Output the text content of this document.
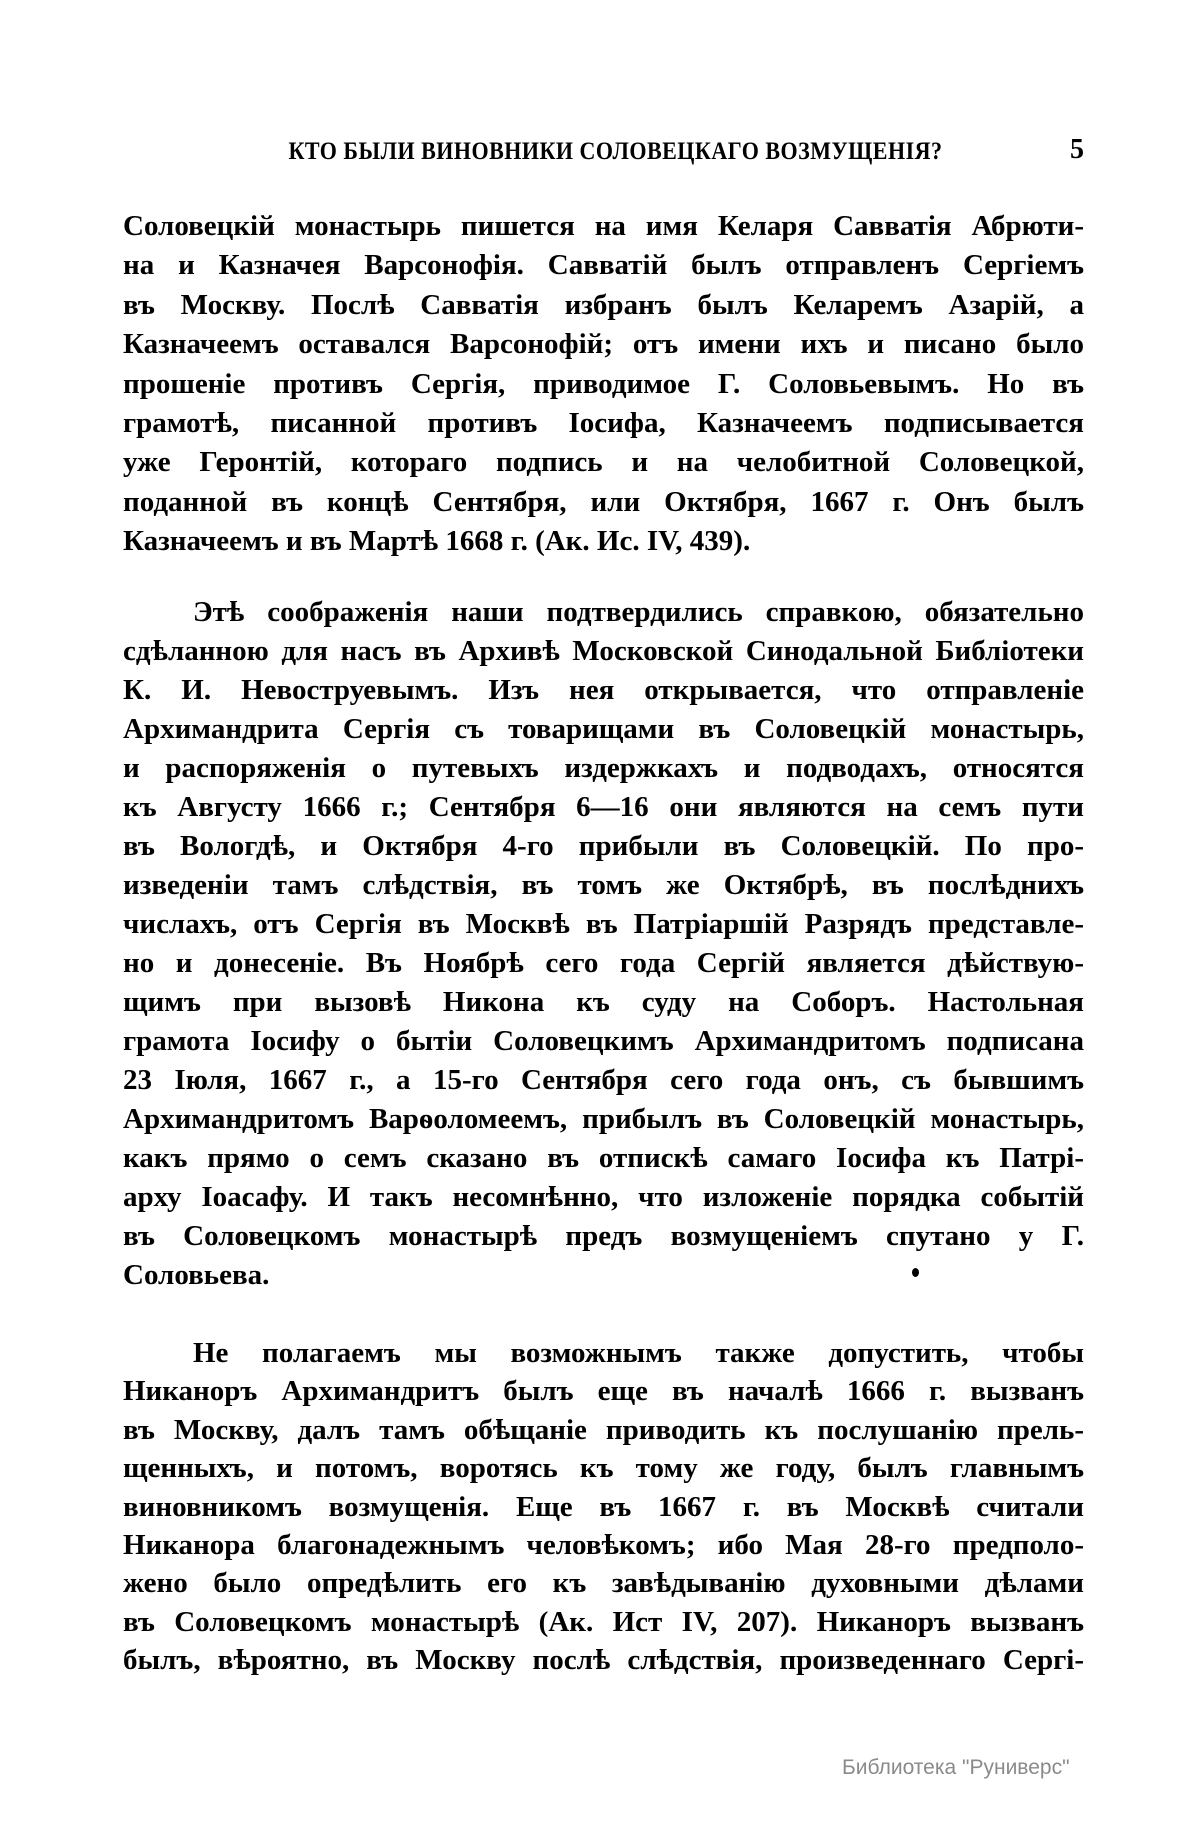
КТО БЫЛИ ВИНОВНИКИ СОЛОВЕЦКАГО ВОЗМУЩЕНІЯ?	5
Соловецкій монастырь пишется на имя Келаря Савватія Абрюти-
на и Казначея Варсонофія. Савватій былъ отправленъ Сергіемъ
въ Москву. Послѣ Савватія избранъ былъ Келаремъ Азарій, а
Казначеемъ оставался Варсонофій; отъ имени ихъ и писано было
прошеніе противъ Сергія, приводимое Г. Соловьевымъ. Но въ
грамотѣ, писанной противъ Іосифа, Казначеемъ подписывается
уже Геронтій, котораго подпись и на челобитной Соловецкой,
поданной въ концѣ Сентября, или Октября, 1667 г. Онъ былъ
Казначеемъ и въ Мартѣ 1668 г. (Ак. Ис. IV, 439).
Этѣ соображенія наши подтвердились справкою, обязательно
сдѣланною для насъ въ Архивѣ Московской Синодальной Библіотеки
К. И. Невоструевымъ. Изъ нея открывается, что отправленіе
Архимандрита Сергія съ товарищами въ Соловецкій монастырь,
и распоряженія о путевыхъ издержкахъ и подводахъ, относятся
къ Августу 1666 г.; Сентября 6—16 они являются на семъ пути
въ Вологдѣ, и Октября 4-го прибыли въ Соловецкій. По про-
изведеніи тамъ слѣдствія, въ томъ же Октябрѣ, въ послѣднихъ
числахъ, отъ Сергія въ Москвѣ въ Патріаршій Разрядъ представле-
но и донесеніе. Въ Ноябрѣ сего года Сергій является дѣйствую-
щимъ при вызовѣ Никона къ суду на Соборъ. Настольная
грамота Іосифу о бытіи Соловецкимъ Архимандритомъ подписана
23 Іюля, 1667 г., а 15-го Сентября сего года онъ, съ бывшимъ
Архимандритомъ Варѳоломеемъ, прибылъ въ Соловецкій монастырь,
какъ прямо о семъ сказано въ отпискѣ самаго Іосифа къ Патрі-
арху Іоасафу. И такъ несомнѣнно, что изложеніе порядка событій
въ Соловецкомъ монастырѣ предъ возмущеніемъ спутано у Г.
Соловьева.
Не полагаемъ мы возможнымъ также допустить, чтобы
Никаноръ Архимандритъ былъ еще въ началѣ 1666 г. вызванъ
въ Москву, далъ тамъ обѣщаніе приводить къ послушанію прель-
щенныхъ, и потомъ, воротясь къ тому же году, былъ главнымъ
виновникомъ возмущенія. Еще въ 1667 г. въ Москвѣ считали
Никанора благонадежнымъ человѣкомъ; ибо Мая 28-го предполо-
жено было опредѣлить его къ завѣдыванію духовными дѣлами
въ Соловецкомъ монастырѣ (Ак. Ист IV, 207). Никаноръ вызванъ
былъ, вѣроятно, въ Москву послѣ слѣдствія, произведеннаго Сергі-
Библиотека "Руниверс"
